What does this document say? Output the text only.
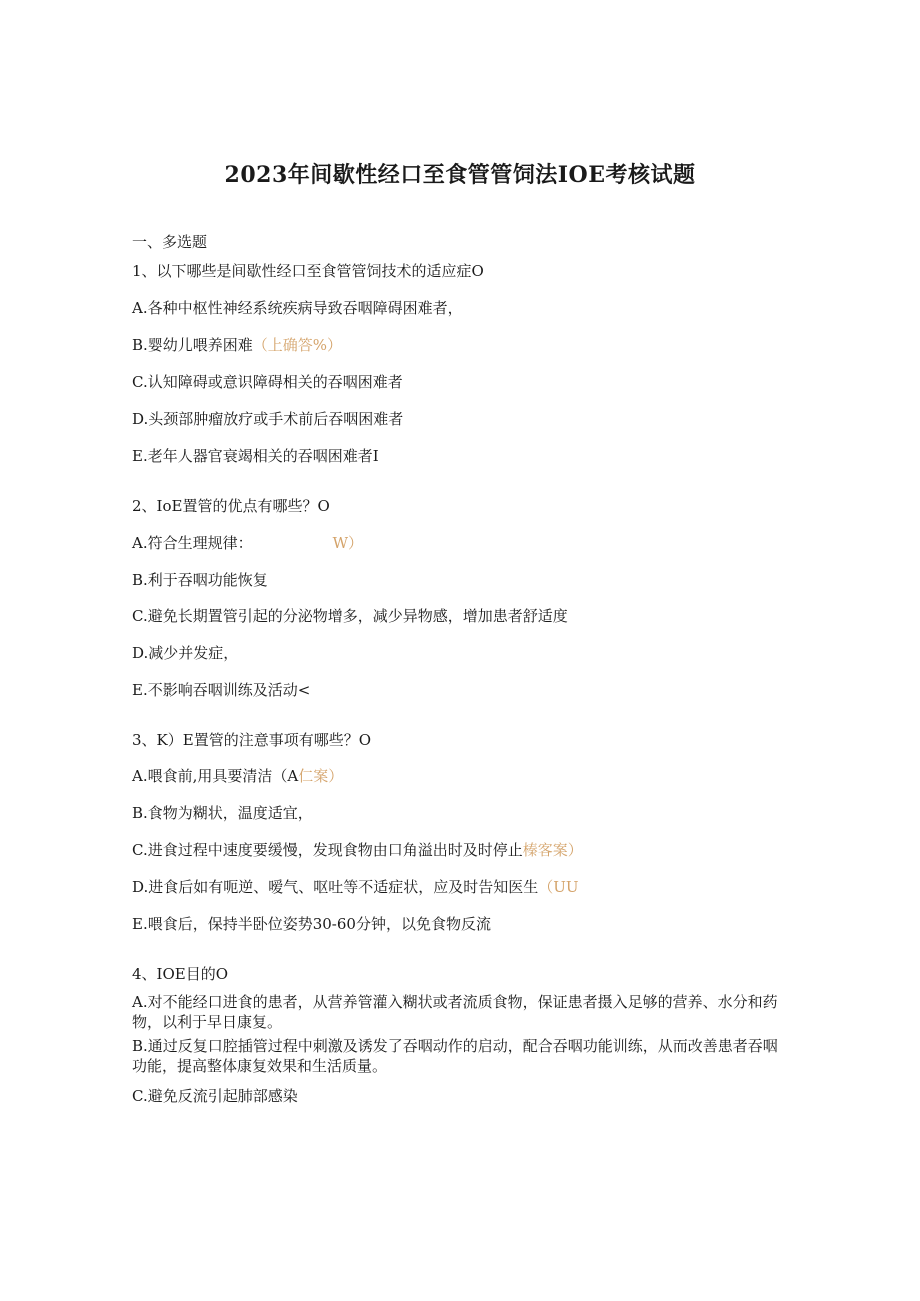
2023年间歇性经口至食管管饲法IOE考核试题
一、多选题
1、以下哪些是间歇性经口至食管管饲技术的适应症O
A.各种中枢性神经系统疾病导致吞咽障碍困难者，
B.婴幼儿喂养困难（上确答%）
C.认知障碍或意识障碍相关的吞咽困难者
D.头颈部肿瘤放疗或手术前后吞咽困难者
E.老年人器官衰竭相关的吞咽困难者I
2、IoE置管的优点有哪些？O
A.符合生理规律：	W）
B.利于吞咽功能恢复
C.避免长期置管引起的分泌物增多，减少异物感，增加患者舒适度
D.减少并发症，
E.不影响吞咽训练及活动<
3、K）E置管的注意事项有哪些？O
A.喂食前,用具要清洁（A仁案）
B.食物为糊状，温度适宜，
C.进食过程中速度要缓慢，发现食物由口角溢出时及时停止榛客案）
D.进食后如有呃逆、嗳气、呕吐等不适症状，应及时告知医生（UU
E.喂食后，保持半卧位姿势30-60分钟，以免食物反流
4、IOE目的O
A.对不能经口进食的患者，从营养管灌入糊状或者流质食物，保证患者摄入足够的营养、水分和药物，以利于早日康复。
B.通过反复口腔插管过程中刺激及诱发了吞咽动作的启动，配合吞咽功能训练，从而改善患者吞咽功能，提高整体康复效果和生活质量。
C.避免反流引起肺部感染
